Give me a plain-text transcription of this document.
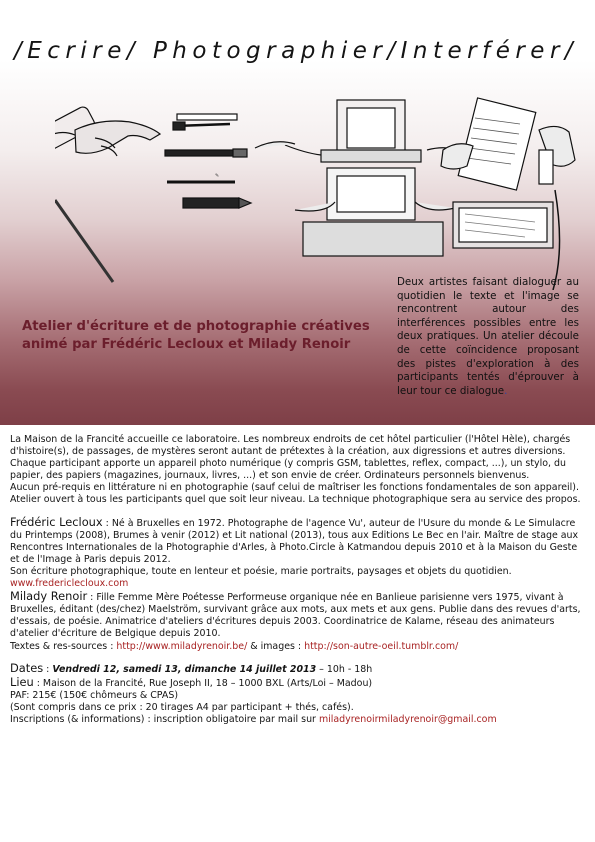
/Ecrire/ Photographier/Interférer/
✎
Atelier d'écriture et de photographie créatives
animé par Frédéric Lecloux et Milady Renoir
Deux artistes faisant dialoguer au quotidien le texte et l'image se rencontrent autour des interférences possibles entre les deux pratiques. Un atelier découle de cette coïncidence proposant des pistes d'exploration à des participants tentés d'éprouver à leur tour ce dialogue.

La Maison de la Francité accueille ce laboratoire. Les nombreux endroits de cet hôtel particulier (l'Hôtel Hèle), chargés d'histoire(s), de passages, de mystères seront autant de prétextes à la création, aux digressions et autres diversions.

Chaque participant apporte un appareil photo numérique (y compris GSM, tablettes, reflex, compact, ...), un stylo, du papier, des papiers (magazines, journaux, livres, ...) et son envie de créer. Ordinateurs personnels bienvenus.

Aucun pré-requis en littérature ni en photographie (sauf celui de maîtriser les fonctions fondamentales de son appareil).

Atelier ouvert à tous les participants quel que soit leur niveau. La technique photographique sera au service des propos.

Frédéric Lecloux : Né à Bruxelles en 1972. Photographe de l'agence Vu', auteur de l'Usure du monde & Le Simulacre du Printemps (2008), Brumes à venir (2012) et Lit national (2013), tous aux Editions Le Bec en l'air. Maître de stage aux Rencontres Internationales de la Photographie d'Arles, à Photo.Circle à Katmandou depuis 2010 et à la Maison du Geste et de l'Image à Paris depuis 2012.

Son écriture photographique, toute en lenteur et poésie, marie portraits, paysages et objets du quotidien.

www.fredericlecloux.com

Milady Renoir : Fille Femme Mère Poétesse Performeuse organique née en Banlieue parisienne vers 1975, vivant à Bruxelles, éditant (des/chez) Maelström, survivant grâce aux mots, aux mets et aux gens. Publie dans des revues d'arts, d'essais, de poésie. Animatrice d'ateliers d'écritures depuis 2003. Coordinatrice de Kalame, réseau des animateurs d'atelier d'écriture de Belgique depuis 2010.

Textes & res-sources : http://www.miladyrenoir.be/ & images : http://son-autre-oeil.tumblr.com/

Dates : Vendredi 12, samedi 13, dimanche 14 juillet 2013 – 10h - 18h

Lieu : Maison de la Francité, Rue Joseph II, 18 – 1000 BXL (Arts/Loi – Madou)

PAF: 215€ (150€ chômeurs & CPAS)

(Sont compris dans ce prix : 20 tirages A4 par participant + thés, cafés).

Inscriptions (& informations) : inscription obligatoire par mail sur miladyrenoirmiladyrenoir@gmail.com
